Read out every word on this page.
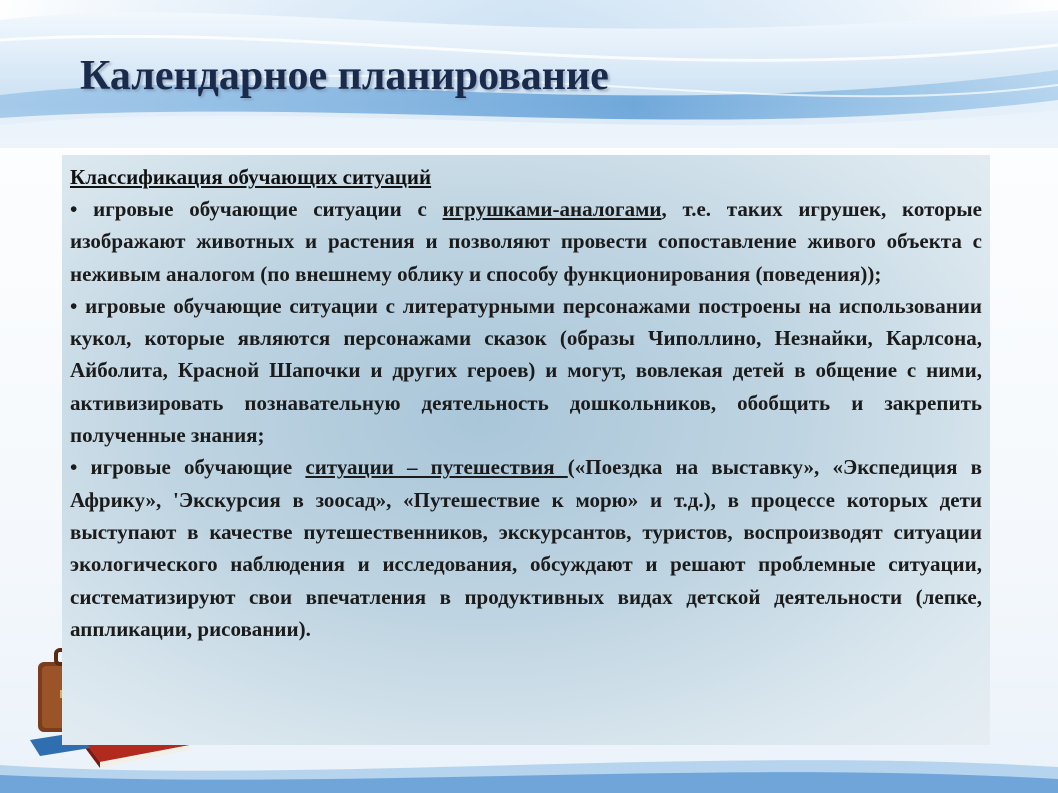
Календарное планирование

Классификация обучающих ситуаций

• игровые обучающие ситуации с игрушками-аналогами, т.е. таких игрушек, которые изображают животных и растения и позволяют провести сопоставление живого объекта с неживым аналогом (по внешнему облику и способу функционирования (поведения));

• игровые обучающие ситуации с литературными персонажами построены на использовании кукол, которые являются персонажами сказок (образы Чиполлино, Незнайки, Карлсона, Айболита, Красной Шапочки и других героев) и могут, вовлекая детей в общение с ними, активизировать познавательную деятельность дошкольников, обобщить и закрепить полученные знания;

• игровые обучающие ситуации – путешествия («Поездка на выставку», «Экспедиция в Африку», 'Экскурсия в зоосад», «Путешествие к морю» и т.д.), в процессе которых дети выступают в качестве путешественников, экскурсантов, туристов, воспроизводят ситуации экологического наблюдения и исследования, обсуждают и решают проблемные ситуации, систематизируют свои впечатления в продуктивных видах детской деятельности (лепке, аппликации, рисовании).
